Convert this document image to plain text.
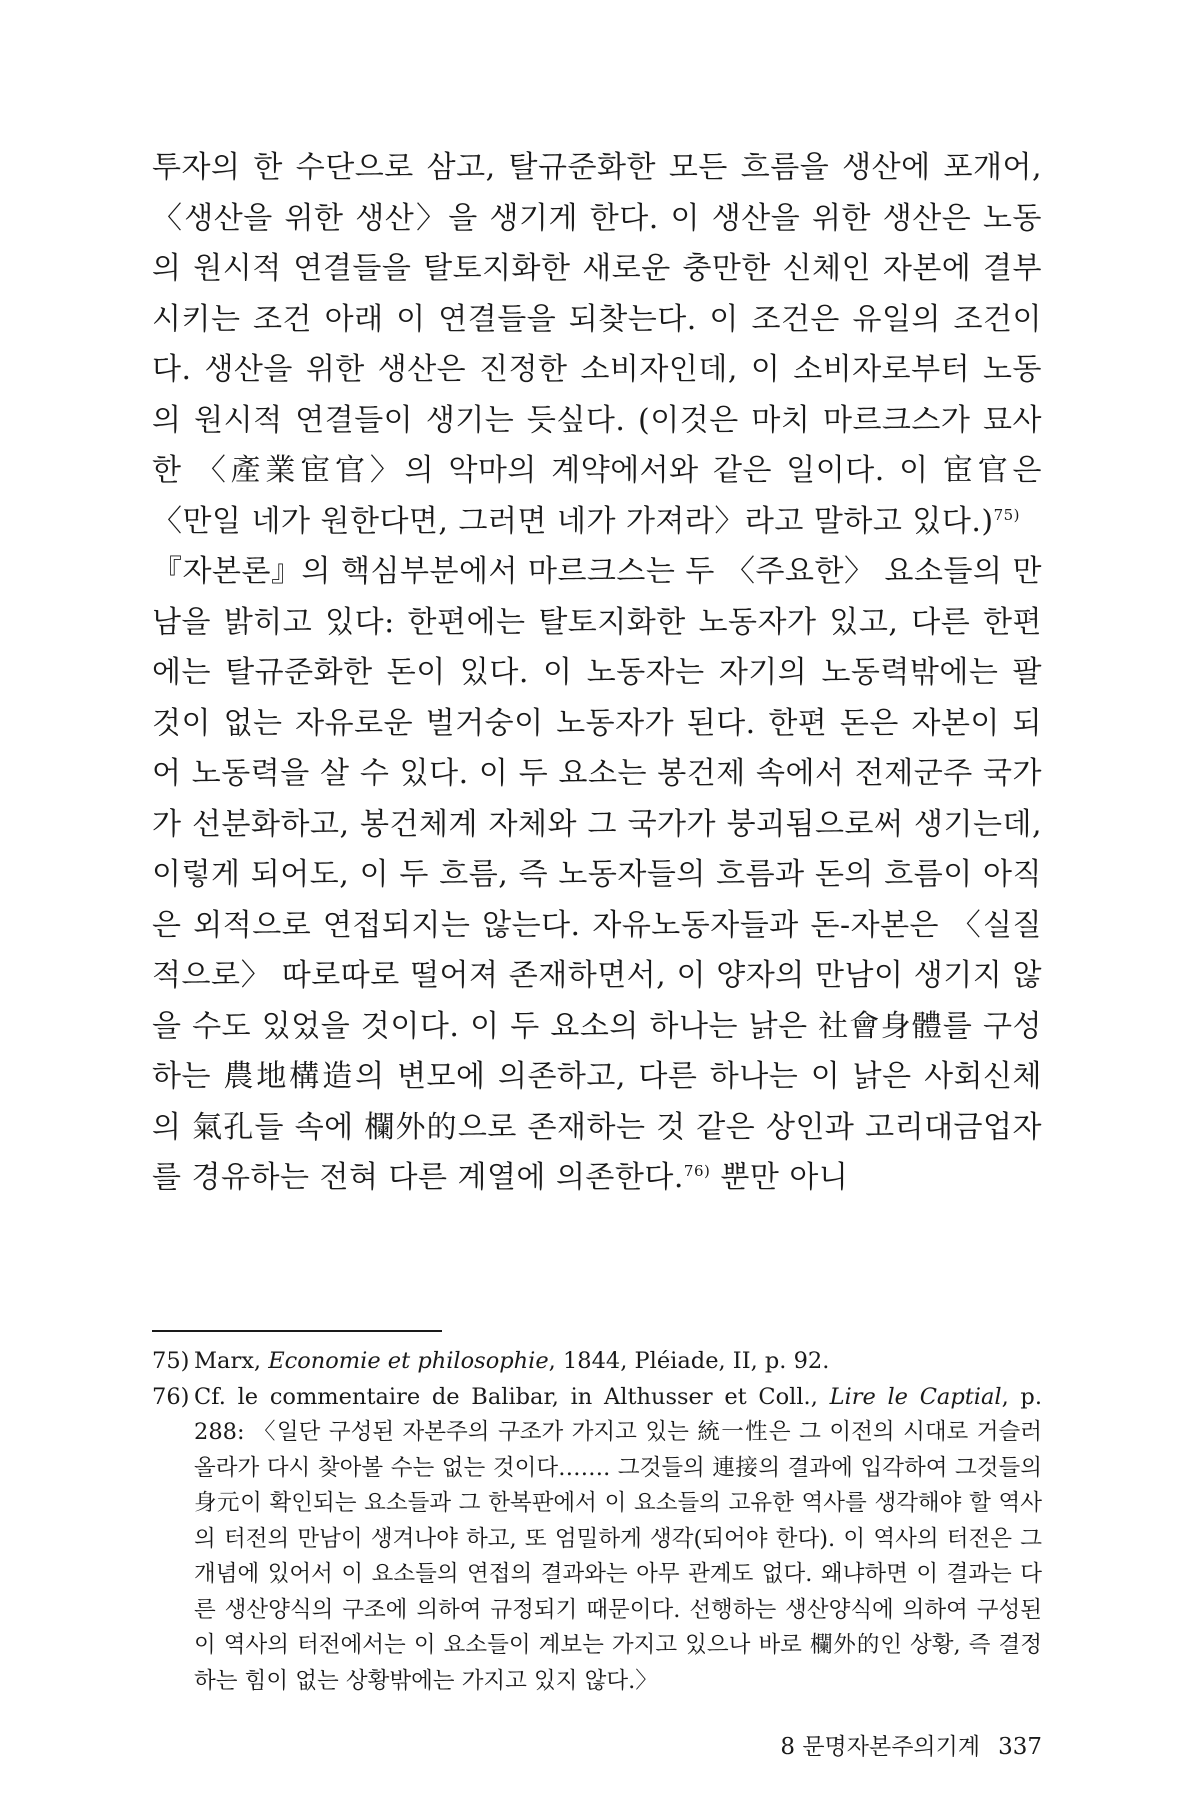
투자의 한 수단으로 삼고, 탈규준화한 모든 흐름을 생산에 포개어, 〈생산을 위한 생산〉을 생기게 한다. 이 생산을 위한 생산은 노동의 원시적 연결들을 탈토지화한 새로운 충만한 신체인 자본에 결부시키는 조건 아래 이 연결들을 되찾는다. 이 조건은 유일의 조건이다. 생산을 위한 생산은 진정한 소비자인데, 이 소비자로부터 노동의 원시적 연결들이 생기는 듯싶다. (이것은 마치 마르크스가 묘사한 〈產業宦官〉의 악마의 계약에서와 같은 일이다. 이 宦官은 〈만일 네가 원한다면, 그러면 네가 가져라〉라고 말하고 있다.)$^{75)}$

『자본론』의 핵심부분에서 마르크스는 두 〈주요한〉 요소들의 만남을 밝히고 있다: 한편에는 탈토지화한 노동자가 있고, 다른 한편에는 탈규준화한 돈이 있다. 이 노동자는 자기의 노동력밖에는 팔 것이 없는 자유로운 벌거숭이 노동자가 된다. 한편 돈은 자본이 되어 노동력을 살 수 있다. 이 두 요소는 봉건제 속에서 전제군주 국가가 선분화하고, 봉건체계 자체와 그 국가가 붕괴됨으로써 생기는데, 이렇게 되어도, 이 두 흐름, 즉 노동자들의 흐름과 돈의 흐름이 아직은 외적으로 연접되지는 않는다. 자유노동자들과 돈-자본은 〈실질적으로〉 따로따로 떨어져 존재하면서, 이 양자의 만남이 생기지 않을 수도 있었을 것이다. 이 두 요소의 하나는 낡은 社會身體를 구성하는 農地構造의 변모에 의존하고, 다른 하나는 이 낡은 사회신체의 氣孔들 속에 欄外的으로 존재하는 것 같은 상인과 고리대금업자를 경유하는 전혀 다른 계열에 의존한다.$^{76)}$ 뿐만 아니

75) Marx, Economie et philosophie, 1844, Pléiade, II, p. 92.

76) Cf. le commentaire de Balibar, in Althusser et Coll., Lire le Captial, p. 288: 〈일단 구성된 자본주의 구조가 가지고 있는 統一性은 그 이전의 시대로 거슬러 올라가 다시 찾아볼 수는 없는 것이다……. 그것들의 連接의 결과에 입각하여 그것들의 身元이 확인되는 요소들과 그 한복판에서 이 요소들의 고유한 역사를 생각해야 할 역사의 터전의 만남이 생겨나야 하고, 또 엄밀하게 생각(되어야 한다). 이 역사의 터전은 그 개념에 있어서 이 요소들의 연접의 결과와는 아무 관계도 없다. 왜냐하면 이 결과는 다른 생산양식의 구조에 의하여 규정되기 때문이다. 선행하는 생산양식에 의하여 구성된 이 역사의 터전에서는 이 요소들이 계보는 가지고 있으나 바로 欄外的인 상황, 즉 결정하는 힘이 없는 상황밖에는 가지고 있지 않다.〉

8 문명자본주의기계 337
